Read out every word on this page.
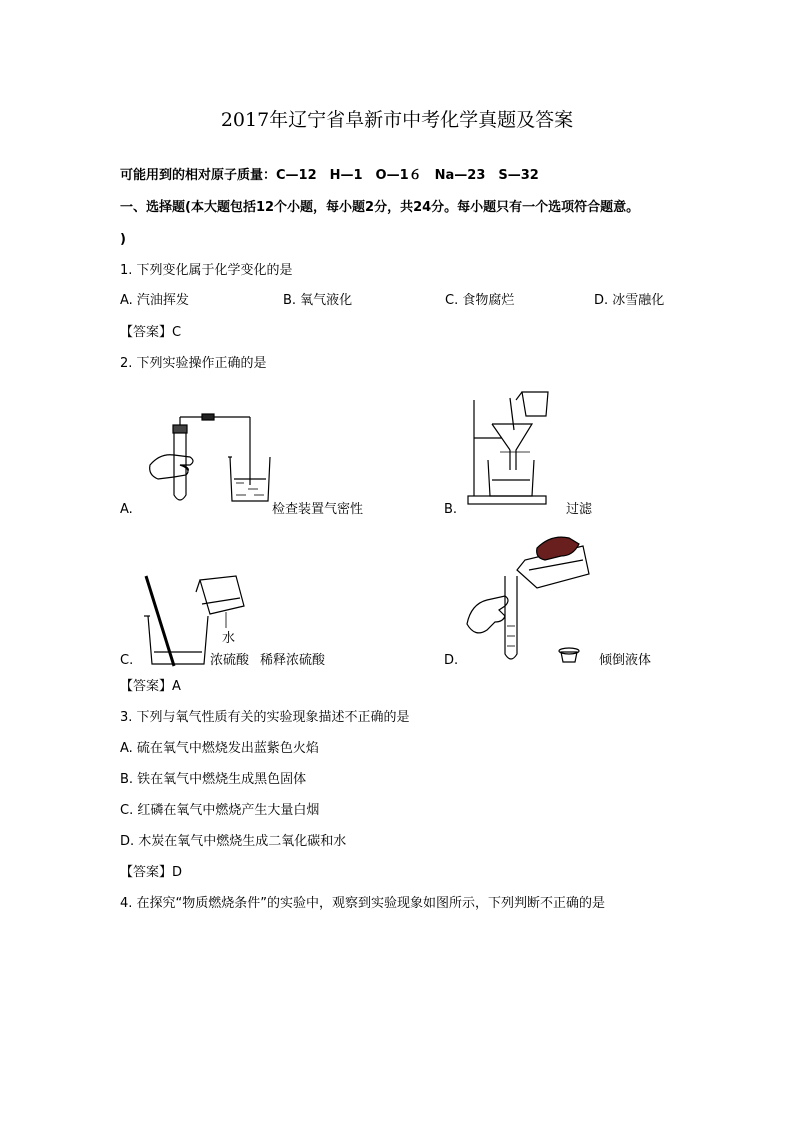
2017年辽宁省阜新市中考化学真题及答案
可能用到的相对原子质量：C—12　H—1　O—1６　Na—23　S—32
一、选择题(本大题包括12个小题，每小题2分，共24分。每小题只有一个选项符合题意。
)
1. 下列变化属于化学变化的是
A. 汽油挥发	B. 氧气液化	C. 食物腐烂	D. 冰雪融化
【答案】C
2. 下列实验操作正确的是
A.	检查装置气密性	B.	过滤
水
C.	浓硫酸 稀释浓硫酸	D.	倾倒液体
【答案】A
3. 下列与氧气性质有关的实验现象描述不正确的是
A. 硫在氧气中燃烧发出蓝紫色火焰
B. 铁在氧气中燃烧生成黑色固体
C. 红磷在氧气中燃烧产生大量白烟
D. 木炭在氧气中燃烧生成二氧化碳和水
【答案】D
4. 在探究“物质燃烧条件”的实验中，观察到实验现象如图所示，下列判断不正确的是
